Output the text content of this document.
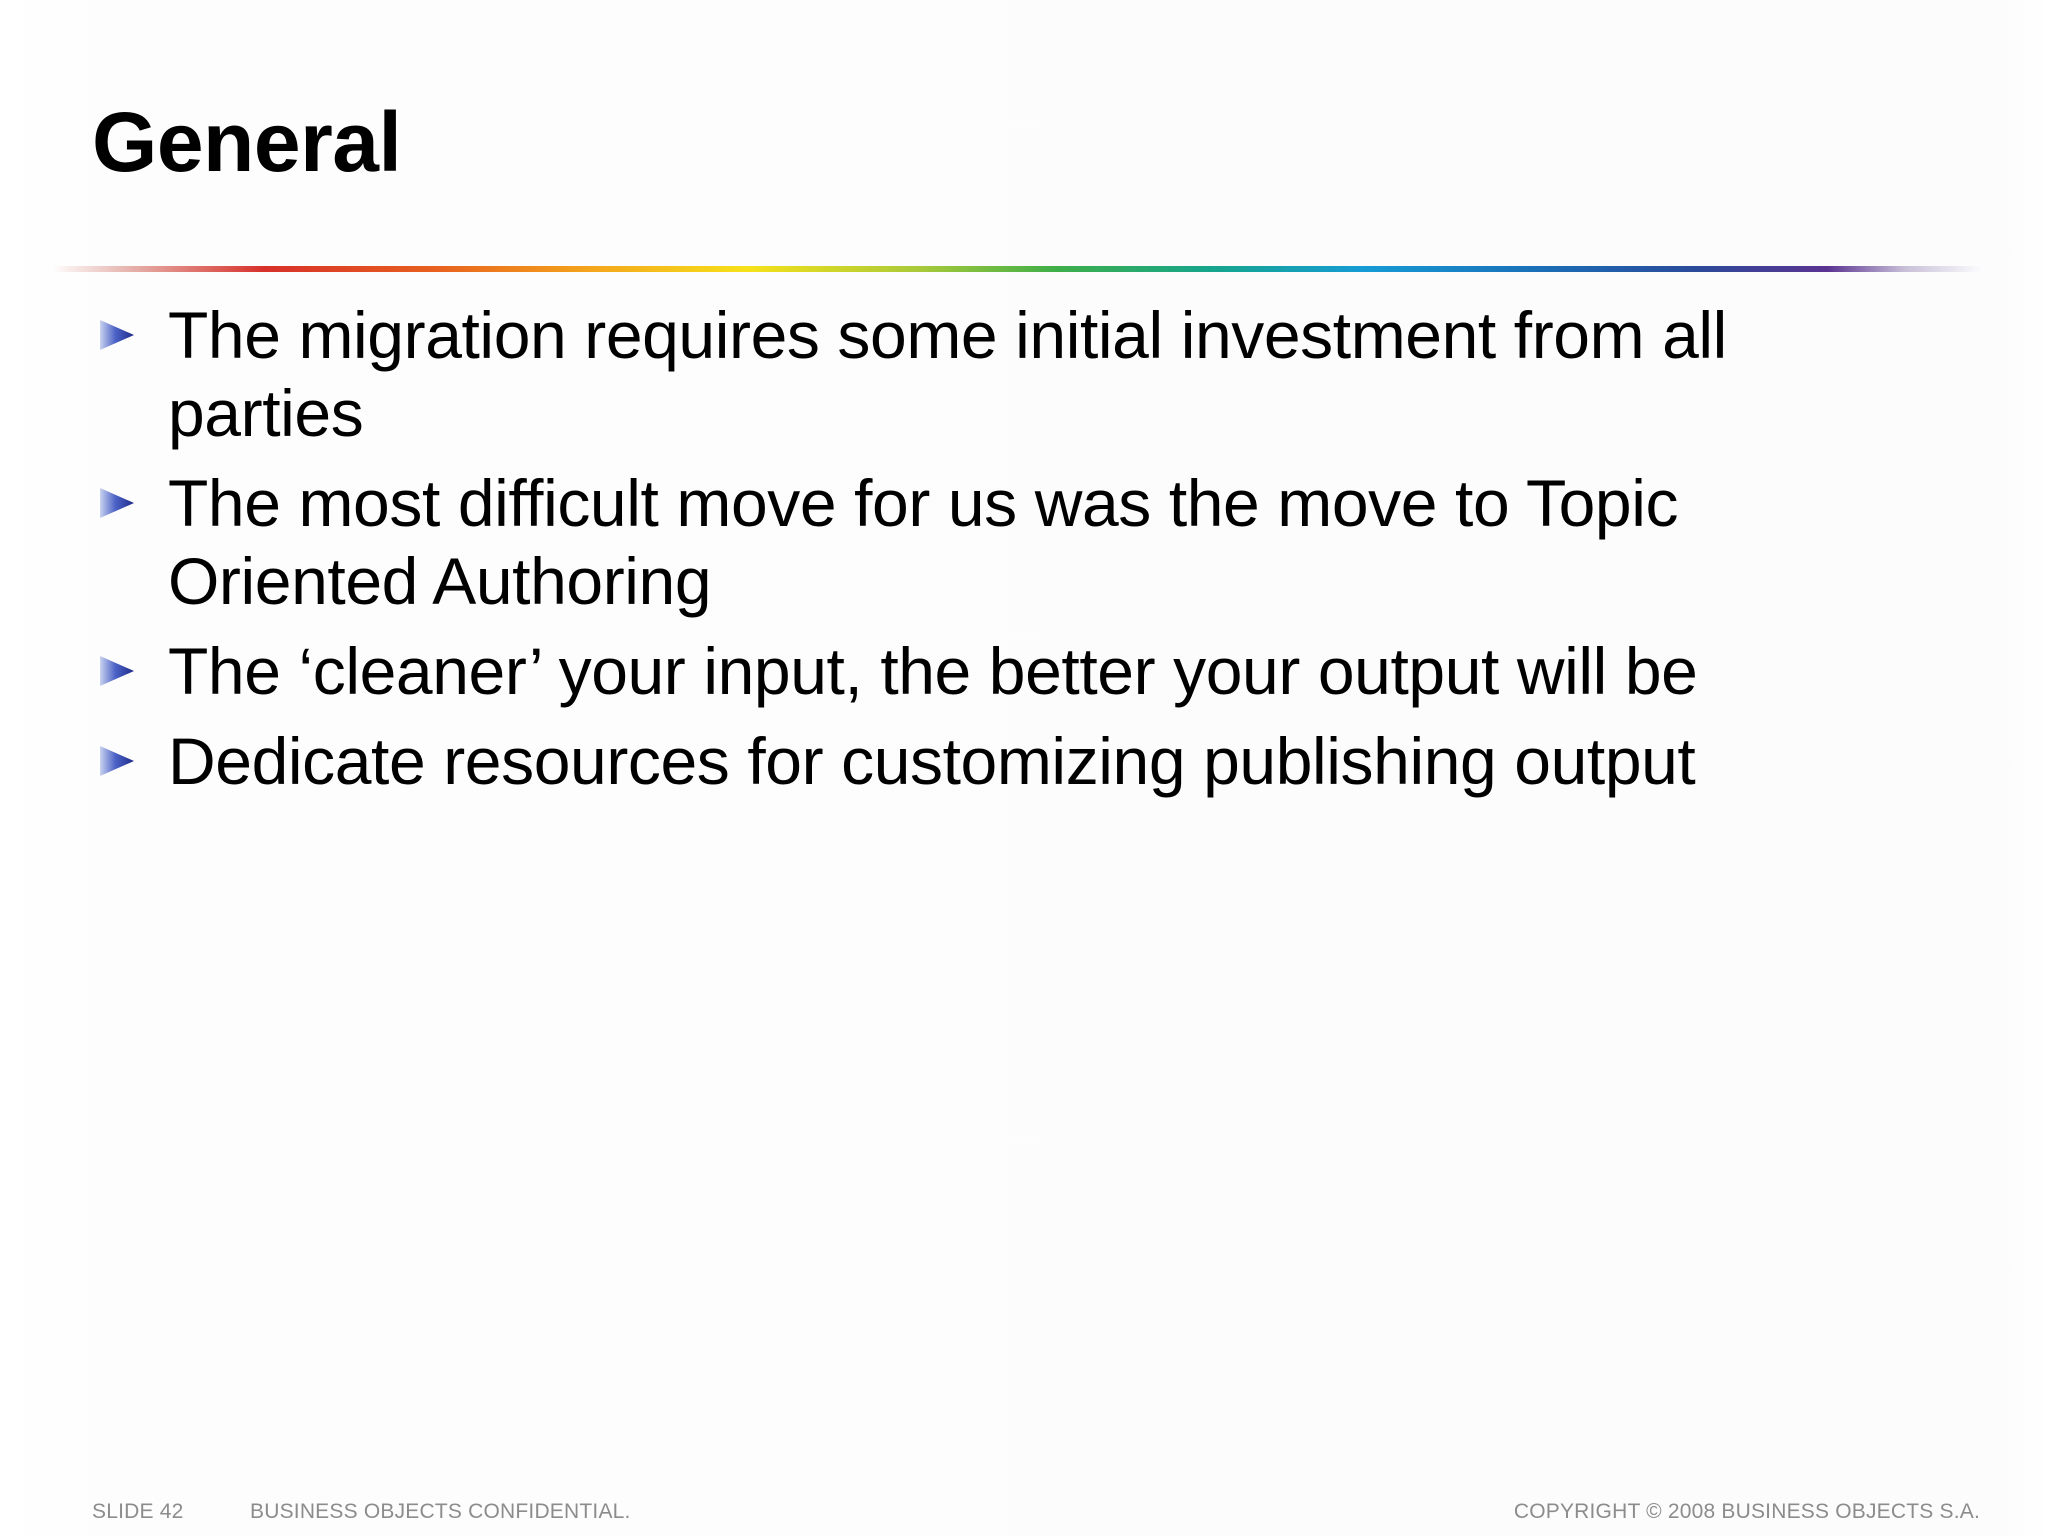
General
The migration requires some initial investment from all parties
The most difficult move for us was the move to Topic Oriented Authoring
The ‘cleaner’ your input, the better your output will be
Dedicate resources for customizing publishing output
SLIDE 42	BUSINESS OBJECTS CONFIDENTIAL.	COPYRIGHT © 2008 BUSINESS OBJECTS S.A.
